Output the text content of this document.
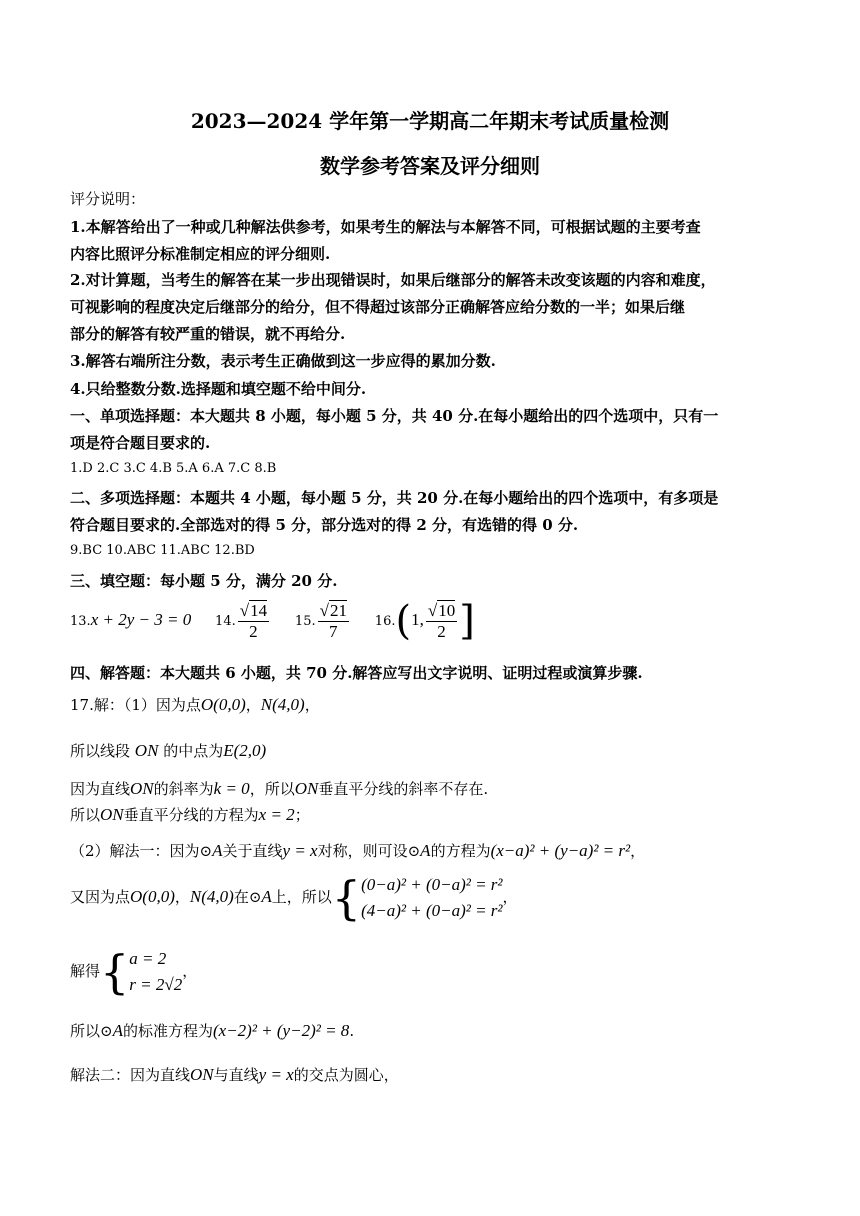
2023—2024 学年第一学期高二年期末考试质量检测
数学参考答案及评分细则
评分说明：
1.本解答给出了一种或几种解法供参考，如果考生的解法与本解答不同，可根据试题的主要考查
内容比照评分标准制定相应的评分细则.
2.对计算题，当考生的解答在某一步出现错误时，如果后继部分的解答未改变该题的内容和难度，
可视影响的程度决定后继部分的给分，但不得超过该部分正确解答应给分数的一半；如果后继
部分的解答有较严重的错误，就不再给分.
3.解答右端所注分数，表示考生正确做到这一步应得的累加分数.
4.只给整数分数.选择题和填空题不给中间分.
一、单项选择题：本大题共 8 小题，每小题 5 分，共 40 分.在每小题给出的四个选项中，只有一
项是符合题目要求的.
1.D 2.C 3.C 4.B 5.A 6.A 7.C 8.B
二、多项选择题：本题共 4 小题，每小题 5 分，共 20 分.在每小题给出的四个选项中，有多项是
符合题目要求的.全部选对的得 5 分，部分选对的得 2 分，有选错的得 0 分.
9.BC 10.ABC 11.ABC 12.BD
三、填空题：每小题 5 分，满分 20 分.
13.x + 2y − 3 = 0 14. $\frac{√14}{2} 15$. $\frac{√21}{7} 16.(1$, $\frac{√10}{2}$ ]
四、解答题：本大题共 6 小题，共 70 分.解答应写出文字说明、证明过程或演算步骤.
17.解：（1）因为点O(0,0)，N(4,0)，
所以线段 ON 的中点为E(2,0)
因为直线ON的斜率为k = 0，所以ON垂直平分线的斜率不存在.
所以ON垂直平分线的方程为x = 2；
（2）解法一：因为⊙A关于直线y = x对称，则可设⊙A的方程为(x−a)² + (y−a)² = r²，
又因为点O(0,0)，N(4,0)在⊙A上，所以{ (0−a)² + (0−a)² = r²
(4−a)² + (0−a)² = r²
，
解得{ a = 2
r = 2√2
，
所以⊙A的标准方程为(x−2)² + (y−2)² = 8.
解法二：因为直线ON与直线y = x的交点为圆心，
